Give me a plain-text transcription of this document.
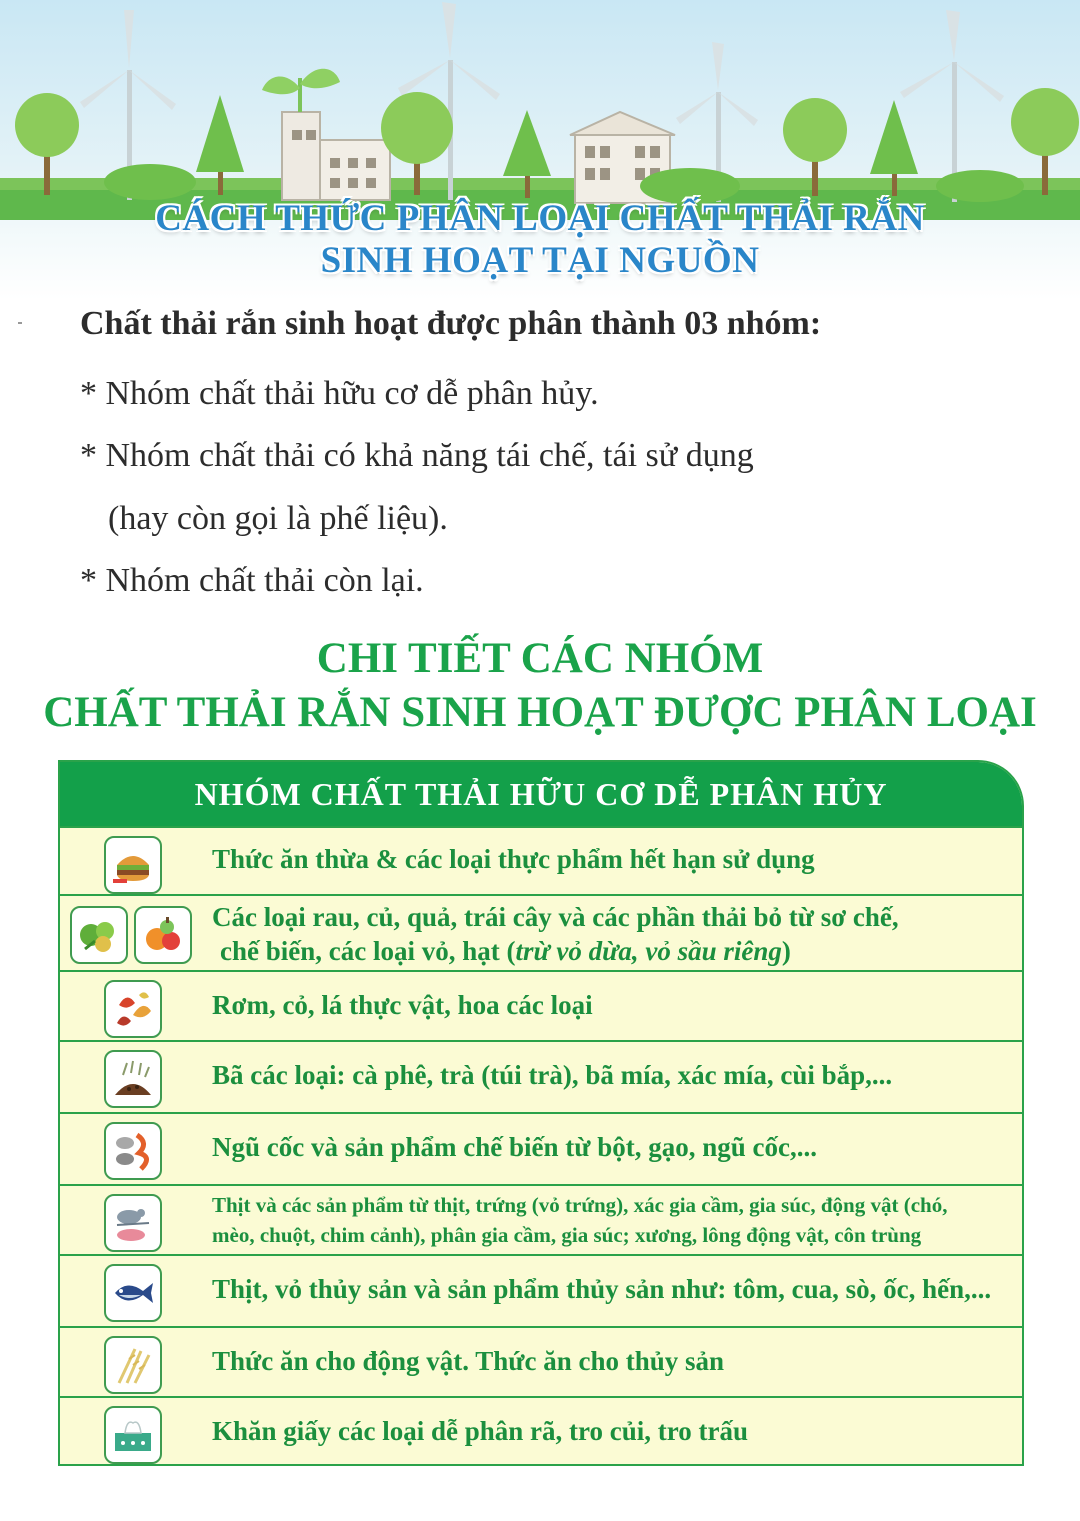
CÁCH THỨC PHÂN LOẠI CHẤT THẢI RẮN
SINH HOẠT TẠI NGUỒN
Chất thải rắn sinh hoạt được phân thành 03 nhóm:
* Nhóm chất thải hữu cơ dễ phân hủy.
* Nhóm chất thải có khả năng tái chế, tái sử dụng
(hay còn gọi là phế liệu).
* Nhóm chất thải còn lại.
CHI TIẾT CÁC NHÓM
CHẤT THẢI RẮN SINH HOẠT ĐƯỢC PHÂN LOẠI
NHÓM CHẤT THẢI HỮU CƠ DỄ PHÂN HỦY
Thức ăn thừa & các loại thực phẩm hết hạn sử dụng
Các loại rau, củ, quả, trái cây và các phần thải bỏ từ sơ chế,
chế biến, các loại vỏ, hạt (trừ vỏ dừa, vỏ sầu riêng)
Rơm, cỏ, lá thực vật, hoa các loại
Bã các loại: cà phê, trà (túi trà), bã mía, xác mía, cùi bắp,...
Ngũ cốc và sản phẩm chế biến từ bột, gạo, ngũ cốc,...
Thịt và các sản phẩm từ thịt, trứng (vỏ trứng), xác gia cầm, gia súc, động vật (chó,
mèo, chuột, chim cảnh), phân gia cầm, gia súc; xương, lông động vật, côn trùng
Thịt, vỏ thủy sản và sản phẩm thủy sản như: tôm, cua, sò, ốc, hến,...
Thức ăn cho động vật. Thức ăn cho thủy sản
Khăn giấy các loại dễ phân rã, tro củi, tro trấu
